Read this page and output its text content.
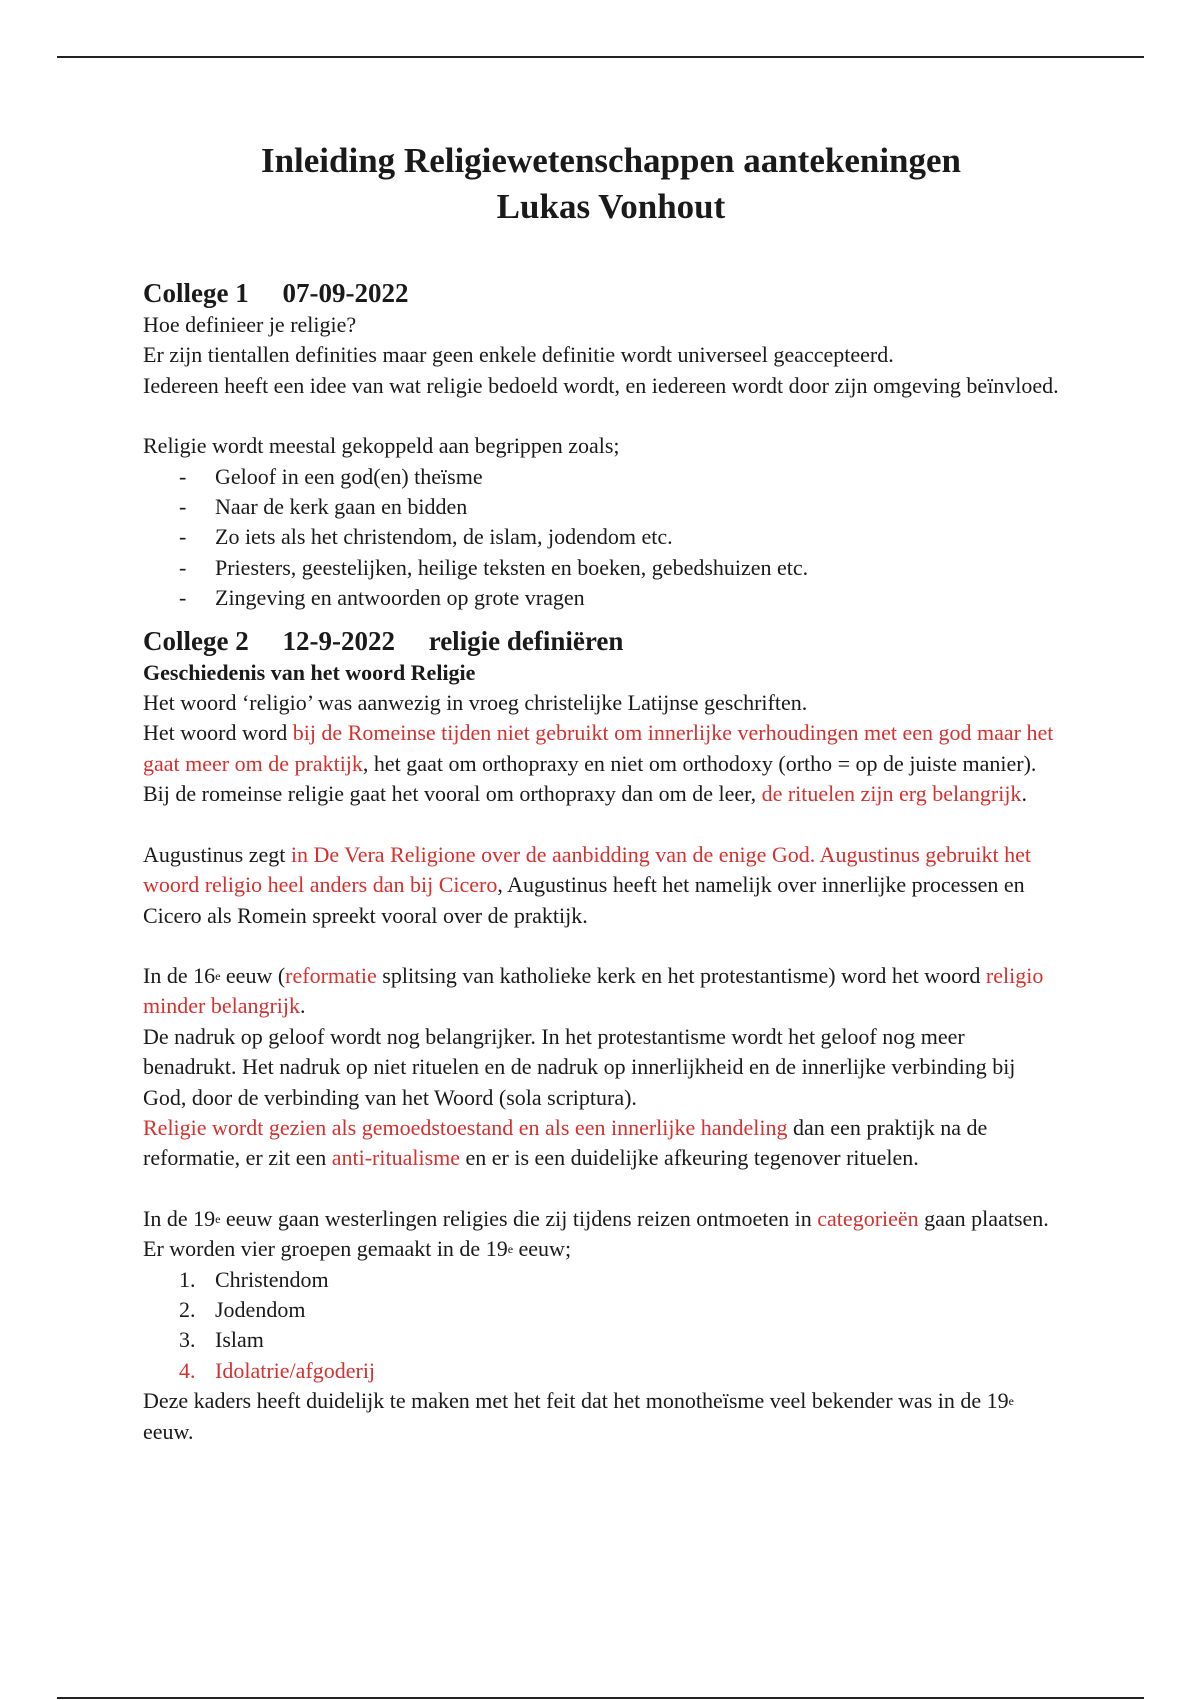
Inleiding Religiewetenschappen aantekeningen
Lukas Vonhout
College 1     07-09-2022

Hoe definieer je religie?

Er zijn tientallen definities maar geen enkele definitie wordt universeel geaccepteerd.

Iedereen heeft een idee van wat religie bedoeld wordt, en iedereen wordt door zijn omgeving beïnvloed.

Religie wordt meestal gekoppeld aan begrippen zoals;

- Geloof in een god(en) theïsme
- Naar de kerk gaan en bidden
- Zo iets als het christendom, de islam, jodendom etc.
- Priesters, geestelijken, heilige teksten en boeken, gebedshuizen etc.
- Zingeving en antwoorden op grote vragen
College 2     12-9-2022     religie definiëren

Geschiedenis van het woord Religie

Het woord ‘religio’ was aanwezig in vroeg christelijke Latijnse geschriften.

Het woord word bij de Romeinse tijden niet gebruikt om innerlijke verhoudingen met een god maar het gaat meer om de praktijk, het gaat om orthopraxy en niet om orthodoxy (ortho = op de juiste manier). Bij de romeinse religie gaat het vooral om orthopraxy dan om de leer, de rituelen zijn erg belangrijk.

Augustinus zegt in De Vera Religione over de aanbidding van de enige God. Augustinus gebruikt het woord religio heel anders dan bij Cicero, Augustinus heeft het namelijk over innerlijke processen en Cicero als Romein spreekt vooral over de praktijk.

In de 16e eeuw (reformatie splitsing van katholieke kerk en het protestantisme) word het woord religio minder belangrijk.

De nadruk op geloof wordt nog belangrijker. In het protestantisme wordt het geloof nog meer benadrukt. Het nadruk op niet rituelen en de nadruk op innerlijkheid en de innerlijke verbinding bij God, door de verbinding van het Woord (sola scriptura).

Religie wordt gezien als gemoedstoestand en als een innerlijke handeling dan een praktijk na de reformatie, er zit een anti-ritualisme en er is een duidelijke afkeuring tegenover rituelen.

In de 19e eeuw gaan westerlingen religies die zij tijdens reizen ontmoeten in categorieën gaan plaatsen.

Er worden vier groepen gemaakt in de 19e eeuw;

1. Christendom
2. Jodendom
3. Islam
4. Idolatrie/afgoderij

Deze kaders heeft duidelijk te maken met het feit dat het monotheïsme veel bekender was in de 19e eeuw.
